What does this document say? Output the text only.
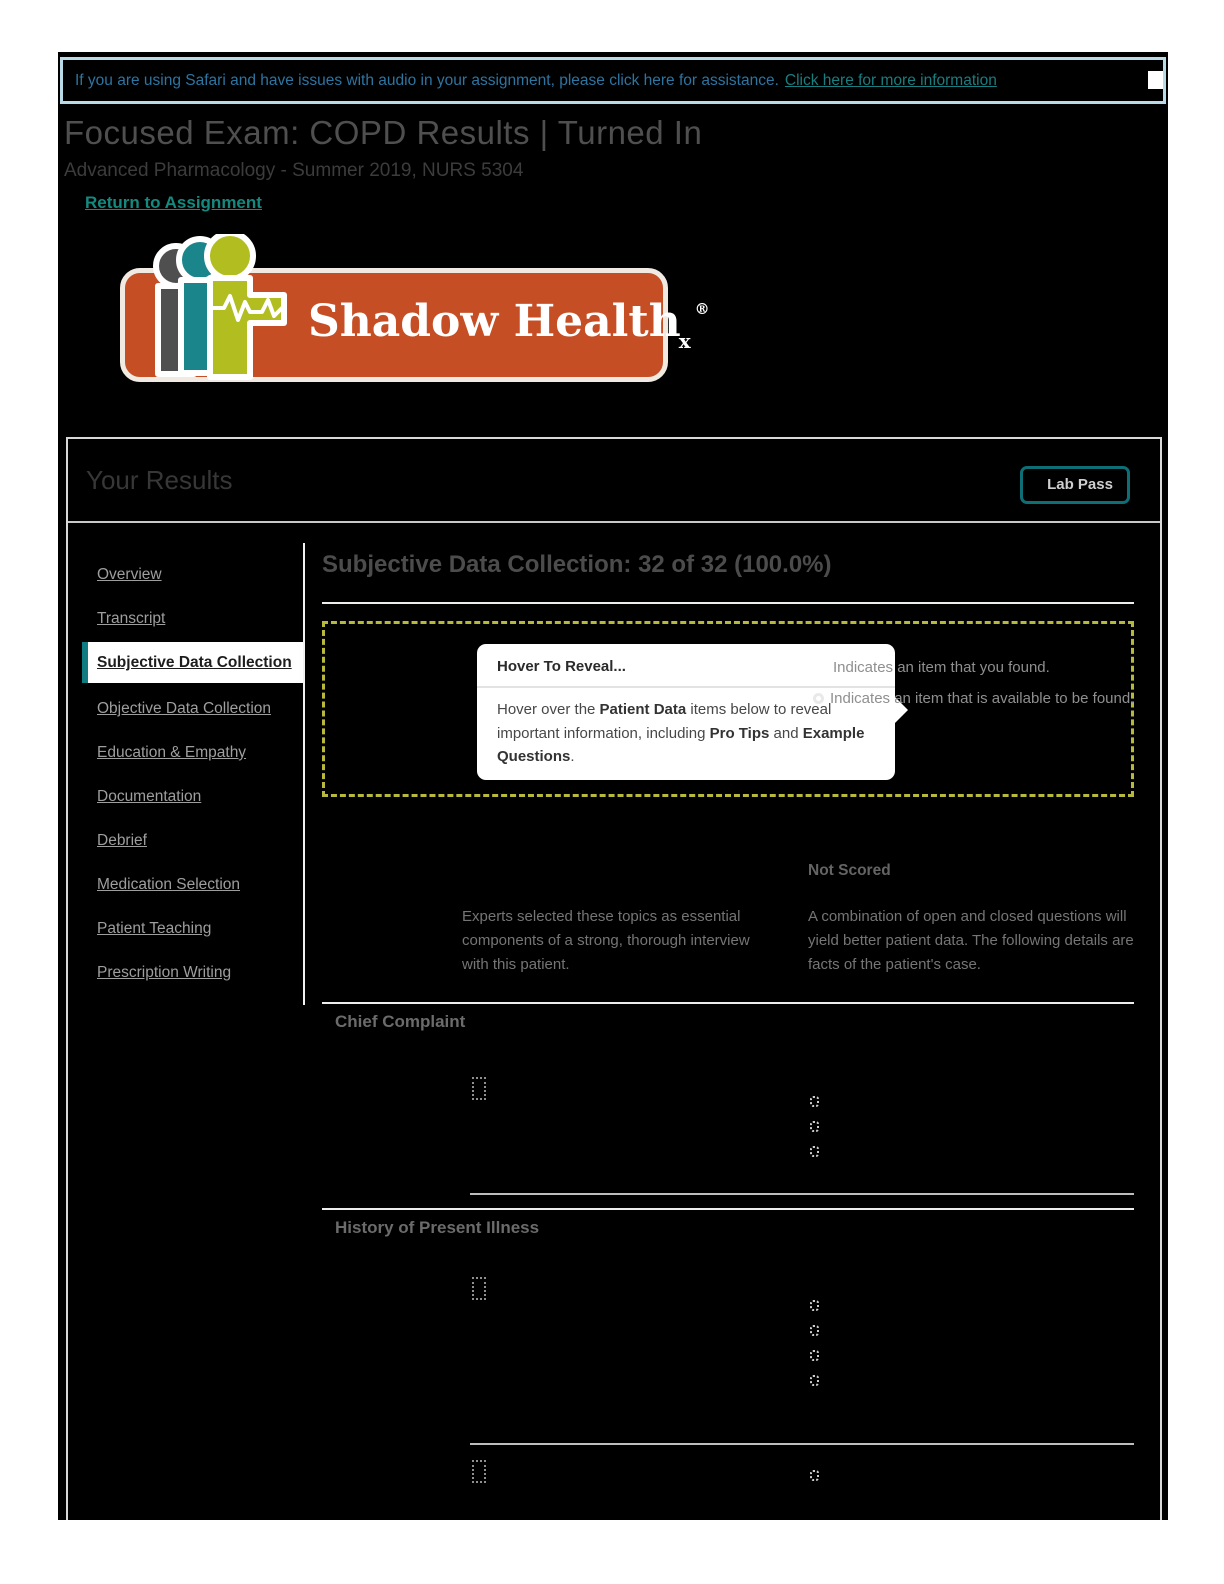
If you are using Safari and have issues with audio in your assignment, please click here for assistance. Click here for more information
Focused Exam: COPD Results | Turned In
Advanced Pharmacology - Summer 2019, NURS 5304
Return to Assignment
Shadow Health$_x$®
Your Results	Lab Pass
Overview
Transcript
Subjective Data Collection
Objective Data Collection
Education & Empathy
Documentation
Debrief
Medication Selection
Patient Teaching
Prescription Writing
Subjective Data Collection: 32 of 32 (100.0%)
Hover To Reveal...
Hover over the Patient Data items below to reveal important information, including Pro Tips and Example Questions.
Indicates an item that you found.
Indicates an item that is available to be found.
Not Scored
Experts selected these topics as essential components of a strong, thorough interview with this patient.
A combination of open and closed questions will yield better patient data. The following details are facts of the patient's case.
Chief Complaint
History of Present Illness
